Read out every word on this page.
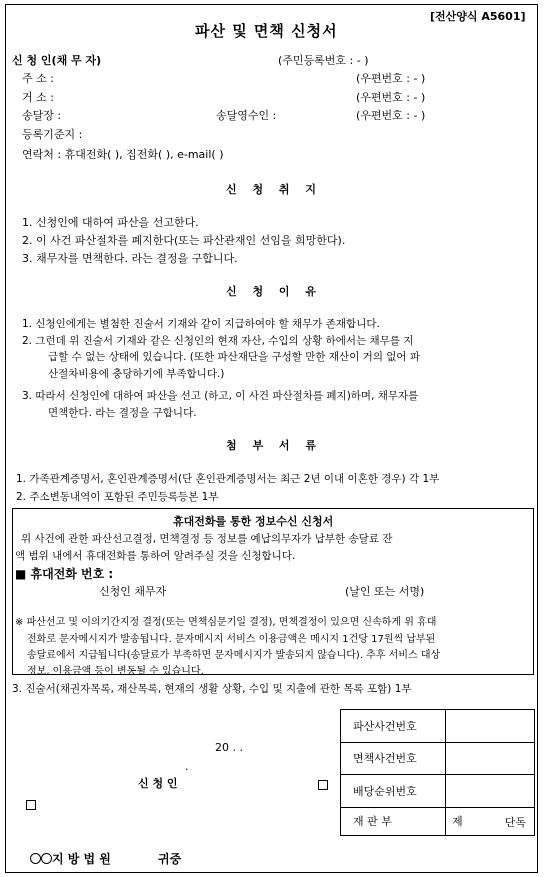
[전산양식 A5601]
파산 및 면책 신청서
신 청 인(채 무 자)	(주민등록번호 : - )
주 소 :	(우편번호 : - )
거 소 :	(우편번호 : - )
송달장 :	송달영수인 :	(우편번호 : - )
등록기준지 :
연락처 : 휴대전화( ), 집전화( ), e-mail( )
신 청 취 지
1. 신청인에 대하여 파산을 선고한다.
2. 이 사건 파산절차를 폐지한다(또는 파산관재인 선임을 희망한다).
3. 채무자를 면책한다. 라는 결정을 구합니다.
신 청 이 유
1. 신청인에게는 별첨한 진술서 기재와 같이 지급하여야 할 채무가 존재합니다.
2. 그런데 위 진술서 기재와 같은 신청인의 현재 자산, 수입의 상황 하에서는 채무를 지
급할 수 없는 상태에 있습니다. (또한 파산재단을 구성할 만한 재산이 거의 없어 파
산절차비용에 충당하기에 부족합니다.)
3. 따라서 신청인에 대하여 파산을 선고 (하고, 이 사건 파산절차를 폐지)하며, 채무자를
면책한다. 라는 결정을 구합니다.
첨 부 서 류
1. 가족관계증명서, 혼인관계증명서(단 혼인관계증명서는 최근 2년 이내 이혼한 경우) 각 1부
2. 주소변동내역이 포함된 주민등록등본 1부
휴대전화를 통한 정보수신 신청서
위 사건에 관한 파산선고결정, 면책결정 등 정보를 예납의무자가 납부한 송달료 잔
액 범위 내에서 휴대전화를 통하여 알려주실 것을 신청합니다.
■ 휴대전화 번호 :
신청인 채무자	(날인 또는 서명)
※ 파산선고 및 이의기간지정 결정(또는 면책심문기일 결정), 면책결정이 있으면 신속하게 위 휴대
전화로 문자메시지가 발송됩니다. 문자메시지 서비스 이용금액은 메시지 1건당 17원씩 납부된
송달료에서 지급됩니다(송달료가 부족하면 문자메시지가 발송되지 않습니다). 추후 서비스 대상
정보, 이용금액 등이 변동될 수 있습니다.
3. 진술서(채권자목록, 재산목록, 현재의 생활 상황, 수입 및 지출에 관한 목록 포함) 1부
20 . .
.
신 청 인
파산사건번호	
면책사건번호	
배당순위번호	
재 판 부	제 단독
지 방 법 원	귀중
